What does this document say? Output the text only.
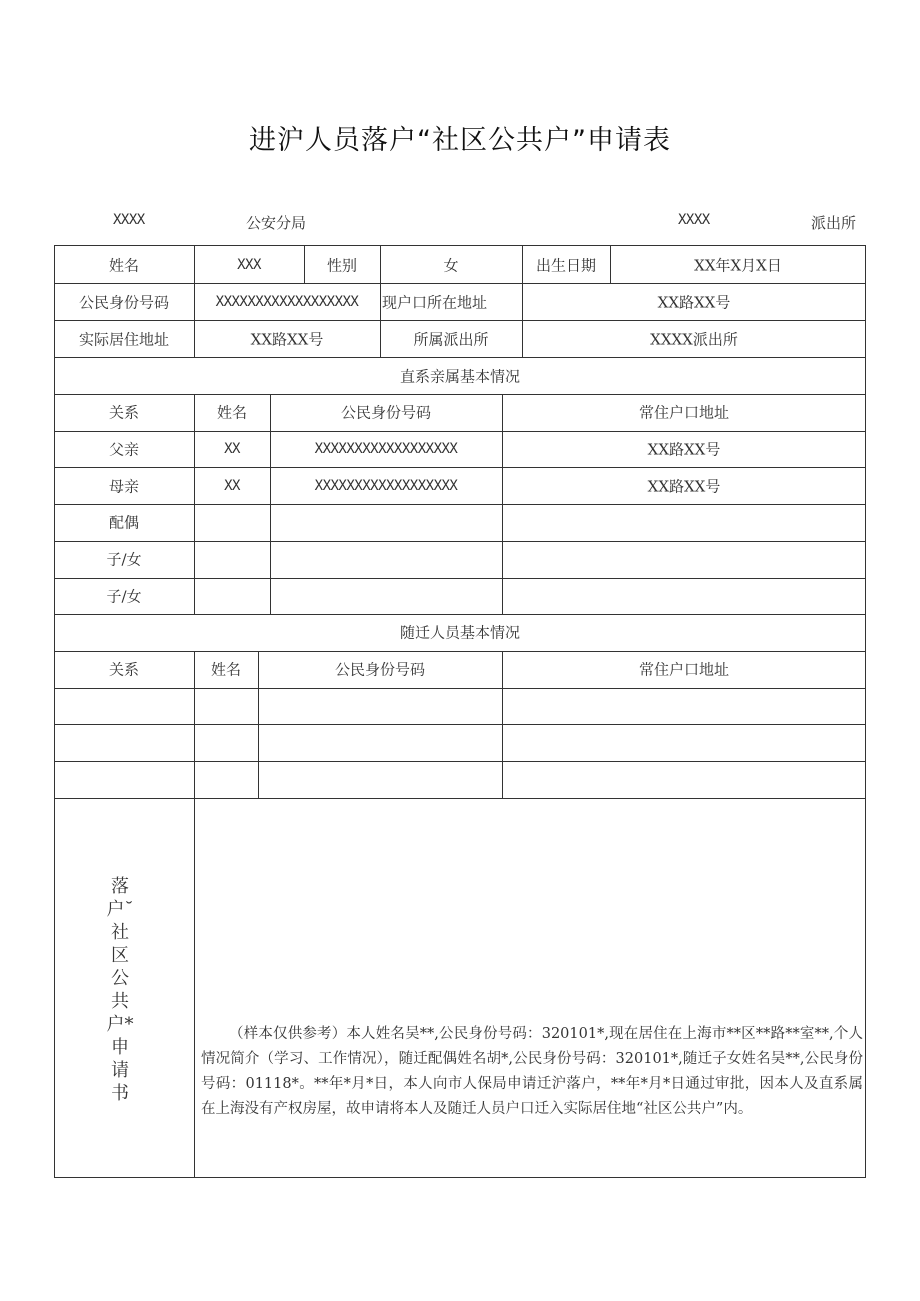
进沪人员落户“社区公共户”申请表
XXXX	公安分局	XXXX	派出所
姓名	XXX	性别	女	出生日期	XX年X月X日
公民身份号码	XXXXXXXXXXXXXXXXXX 现户口所在地址	XX路XX号
实际居住地址	XX路XX号	所属派出所	XXXX派出所
直系亲属基本情况
关系	姓名	公民身份号码	常住户口地址
父亲	XX	XXXXXXXXXXXXXXXXXX	XX路XX号
母亲	XX	XXXXXXXXXXXXXXXXXX	XX路XX号
配偶
子/女
子/女
随迁人员基本情况
关系	姓名	公民身份号码	常住户口地址
落户˘社区公共户*申请书
（样本仅供参考）本人姓名吴**,公民身份号码：320101*,现在居住在上海市**区**路**室**,个人情况简介（学习、工作情况），随迁配偶姓名胡*,公民身份号码：320101*,随迁子女姓名吴**,公民身份号码：01118*。**年*月*日，本人向市人保局申请迁沪落户，**年*月*日通过审批，因本人及直系属在上海没有产权房屋，故申请将本人及随迁人员户口迁入实际居住地“社区公共户”内。
